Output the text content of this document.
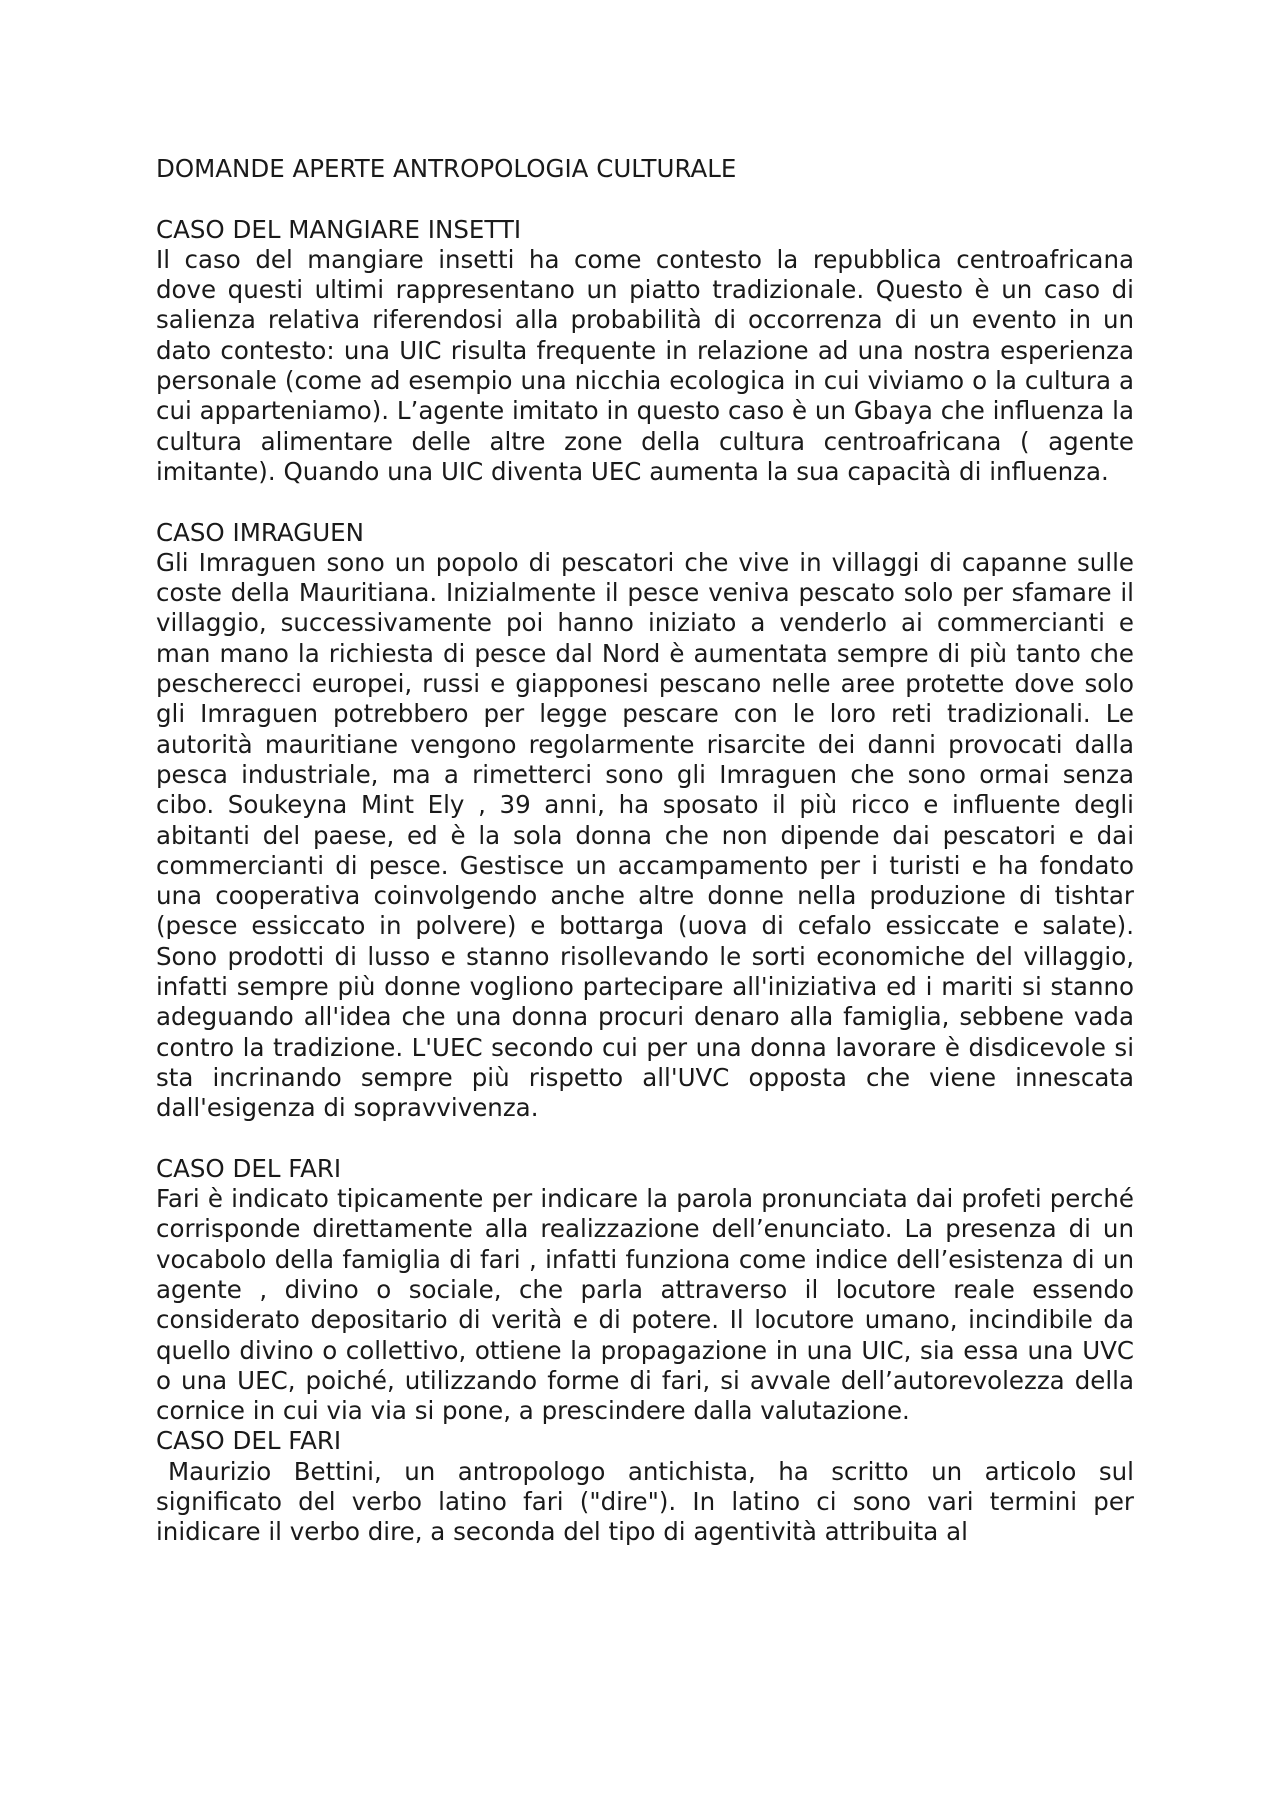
DOMANDE APERTE ANTROPOLOGIA CULTURALE

CASO DEL MANGIARE INSETTI

Il caso del mangiare insetti ha come contesto la repubblica centroafricana dove questi ultimi rappresentano un piatto tradizionale. Questo è un caso di salienza relativa riferendosi alla probabilità di occorrenza di un evento in un dato contesto: una UIC risulta frequente in relazione ad una nostra esperienza personale (come ad esempio una nicchia ecologica in cui viviamo o la cultura a cui apparteniamo). L’agente imitato in questo caso è un Gbaya che influenza la cultura alimentare delle altre zone della cultura centroafricana ( agente imitante). Quando una UIC diventa UEC aumenta la sua capacità di influenza.

CASO IMRAGUEN

Gli Imraguen sono un popolo di pescatori che vive in villaggi di capanne sulle coste della Mauritiana. Inizialmente il pesce veniva pescato solo per sfamare il villaggio, successivamente poi hanno iniziato a venderlo ai commercianti e man mano la richiesta di pesce dal Nord è aumentata sempre di più tanto che pescherecci europei, russi e giapponesi pescano nelle aree protette dove solo gli Imraguen potrebbero per legge pescare con le loro reti tradizionali. Le autorità mauritiane vengono regolarmente risarcite dei danni provocati dalla pesca industriale, ma a rimetterci sono gli Imraguen che sono ormai senza cibo. Soukeyna Mint Ely , 39 anni, ha sposato il più ricco e influente degli abitanti del paese, ed è la sola donna che non dipende dai pescatori e dai commercianti di pesce. Gestisce un accampamento per i turisti e ha fondato una cooperativa coinvolgendo anche altre donne nella produzione di tishtar (pesce essiccato in polvere) e bottarga (uova di cefalo essiccate e salate). Sono prodotti di lusso e stanno risollevando le sorti economiche del villaggio, infatti sempre più donne vogliono partecipare all'iniziativa ed i mariti si stanno adeguando all'idea che una donna procuri denaro alla famiglia, sebbene vada contro la tradizione. L'UEC secondo cui per una donna lavorare è disdicevole si sta incrinando sempre più rispetto all'UVC opposta che viene innescata dall'esigenza di sopravvivenza.

CASO DEL FARI

Fari è indicato tipicamente per indicare la parola pronunciata dai profeti perché corrisponde direttamente alla realizzazione dell’enunciato. La presenza di un vocabolo della famiglia di fari , infatti funziona come indice dell’esistenza di un agente , divino o sociale, che parla attraverso il locutore reale essendo considerato depositario di verità e di potere. Il locutore umano, incindibile da quello divino o collettivo, ottiene la propagazione in una UIC, sia essa una UVC o una UEC, poiché, utilizzando forme di fari, si avvale dell’autorevolezza della cornice in cui via via si pone, a prescindere dalla valutazione.

CASO DEL FARI

Maurizio Bettini, un antropologo antichista, ha scritto un articolo sul significato del verbo latino fari ("dire"). In latino ci sono vari termini per inidicare il verbo dire, a seconda del tipo di agentività attribuita al
